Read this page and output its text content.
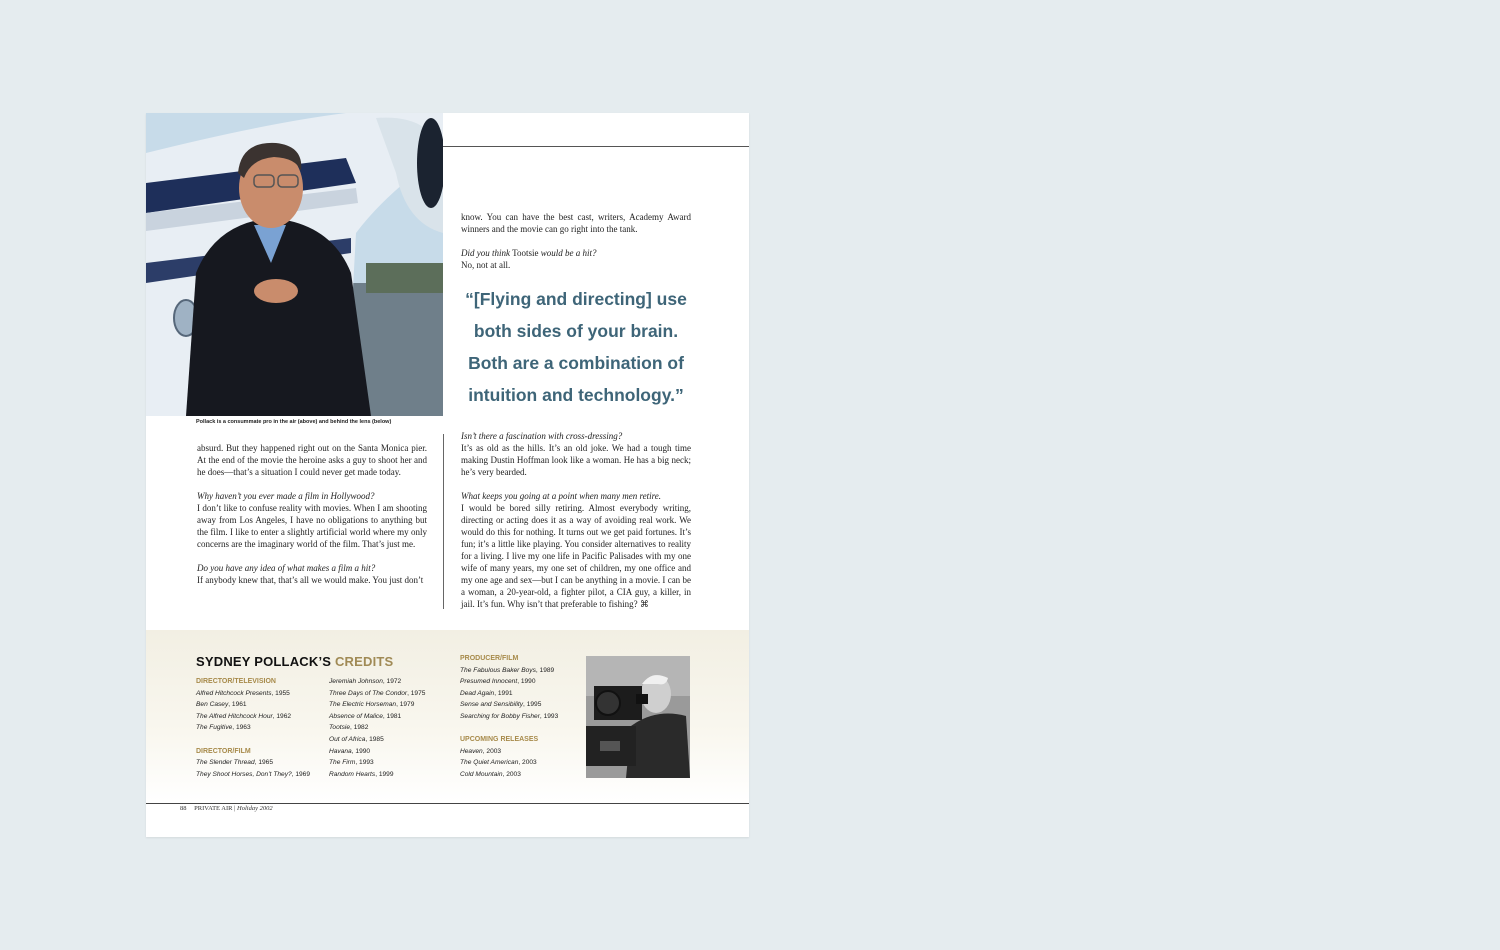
Pollack is a consummate pro in the air (above) and behind the lens (below)

know. You can have the best cast, writers, Academy Award winners and the movie can go right into the tank.

Did you think Tootsie would be a hit?

No, not at all.

“[Flying and directing] use both sides of your brain. Both are a combination of intuition and technology.”

absurd. But they happened right out on the Santa Monica pier. At the end of the movie the heroine asks a guy to shoot her and he does—that’s a situation I could never get made today.

Why haven’t you ever made a film in Hollywood?

I don’t like to confuse reality with movies. When I am shooting away from Los Angeles, I have no obligations to anything but the film. I like to enter a slightly artificial world where my only concerns are the imaginary world of the film. That’s just me.

Do you have any idea of what makes a film a hit?

If anybody knew that, that’s all we would make. You just don’t

Isn’t there a fascination with cross-dressing?

It’s as old as the hills. It’s an old joke. We had a tough time making Dustin Hoffman look like a woman. He has a big neck; he’s very bearded.

What keeps you going at a point when many men retire.

I would be bored silly retiring. Almost everybody writing, directing or acting does it as a way of avoiding real work. We would do this for nothing. It turns out we get paid fortunes. It’s fun; it’s a little like playing. You consider alternatives to reality for a living. I live my one life in Pacific Palisades with my one wife of many years, my one set of children, my one office and my one age and sex—but I can be anything in a movie. I can be a woman, a 20-year-old, a fighter pilot, a CIA guy, a killer, in jail. It’s fun. Why isn’t that preferable to fishing? ⌘

SYDNEY POLLACK’S CREDITS
DIRECTOR/TELEVISION
Alfred Hitchcock Presents, 1955
Ben Casey, 1961
The Alfred Hitchcock Hour, 1962
The Fugitive, 1963
DIRECTOR/FILM
The Slender Thread, 1965
They Shoot Horses, Don’t They?, 1969
Jeremiah Johnson, 1972
Three Days of The Condor, 1975
The Electric Horseman, 1979
Absence of Malice, 1981
Tootsie, 1982
Out of Africa, 1985
Havana, 1990
The Firm, 1993
Random Hearts, 1999
PRODUCER/FILM
The Fabulous Baker Boys, 1989
Presumed Innocent, 1990
Dead Again, 1991
Sense and Sensibility, 1995
Searching for Bobby Fisher, 1993
UPCOMING RELEASES
Heaven, 2003
The Quiet American, 2003
Cold Mountain, 2003
88 PRIVATE AIR | Holiday 2002
